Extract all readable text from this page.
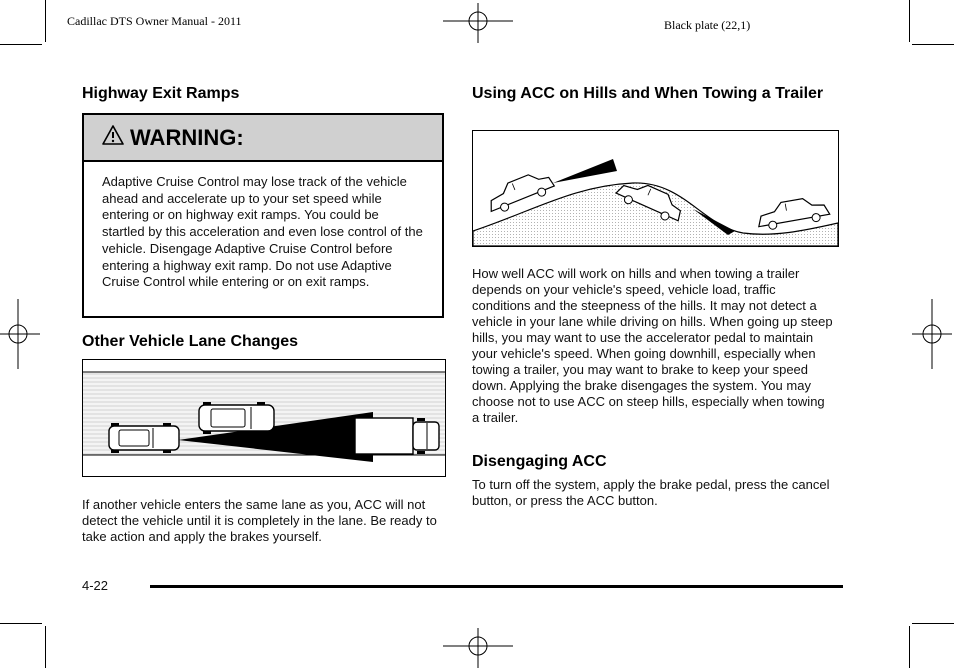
Cadillac DTS Owner Manual - 2011	Black plate (22,1)
Highway Exit Ramps
WARNING:
Adaptive Cruise Control may lose track of the vehicle ahead and accelerate up to your set speed while entering or on highway exit ramps. You could be startled by this acceleration and even lose control of the vehicle. Disengage Adaptive Cruise Control before entering a highway exit ramp. Do not use Adaptive Cruise Control while entering or on exit ramps.
Other Vehicle Lane Changes
If another vehicle enters the same lane as you, ACC will not detect the vehicle until it is completely in the lane. Be ready to take action and apply the brakes yourself.
Using ACC on Hills and When Towing a Trailer
How well ACC will work on hills and when towing a trailer depends on your vehicle's speed, vehicle load, traffic conditions and the steepness of the hills. It may not detect a vehicle in your lane while driving on hills. When going up steep hills, you may want to use the accelerator pedal to maintain your vehicle's speed. When going downhill, especially when towing a trailer, you may want to brake to keep your speed down. Applying the brake disengages the system. You may choose not to use ACC on steep hills, especially when towing a trailer.
Disengaging ACC
To turn off the system, apply the brake pedal, press the cancel button, or press the ACC button.
4-22
